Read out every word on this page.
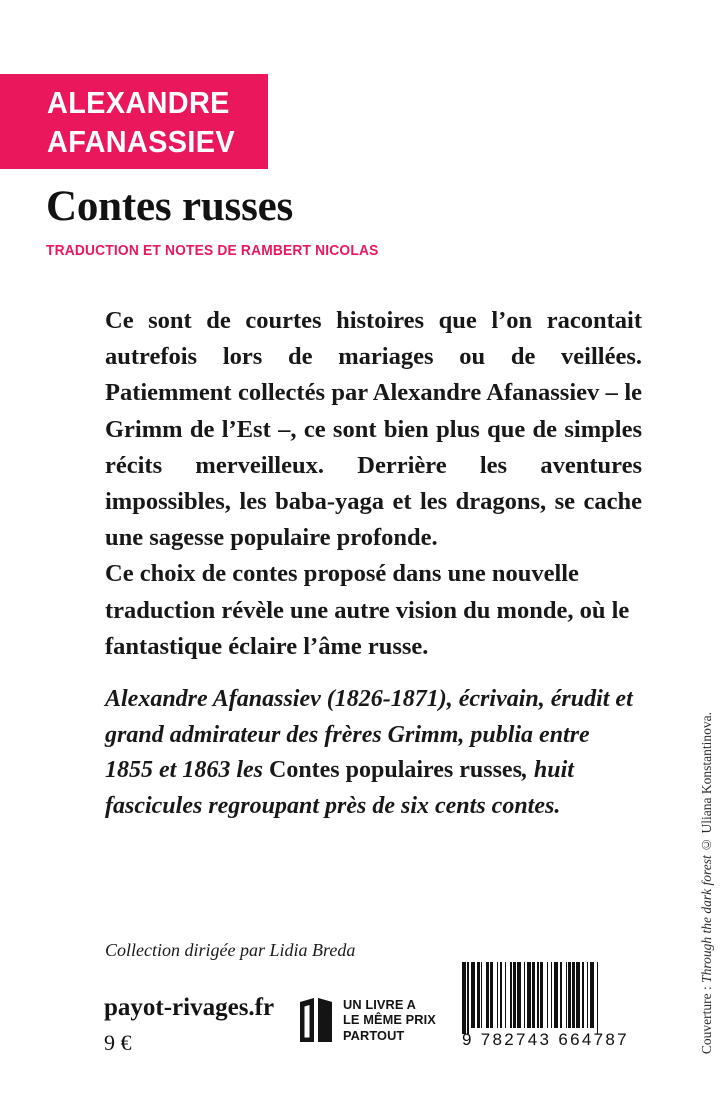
ALEXANDRE
AFANASSIEV
Contes russes
TRADUCTION ET NOTES DE RAMBERT NICOLAS

Ce sont de courtes histoires que l’on racontait autrefois lors de mariages ou de veillées. Patiemment collectés par Alexandre Afanassiev – le Grimm de l’Est –, ce sont bien plus que de simples récits merveilleux. Derrière les aventures impossibles, les baba-yaga et les dragons, se cache une sagesse populaire profonde.

Ce choix de contes proposé dans une nouvelle traduction révèle une autre vision du monde, où le fantastique éclaire l’âme russe.

Alexandre Afanassiev (1826-1871), écrivain, érudit et grand admirateur des frères Grimm, publia entre 1855 et 1863 les Contes populaires russes, huit fascicules regroupant près de six cents contes.

Collection dirigée par Lidia Breda
payot-rivages.fr
9 €
UN LIVRE A
LE MÊME PRIX
PARTOUT	9 782743 664787	Couverture : Through the dark forest © Uliana Konstantinova.
